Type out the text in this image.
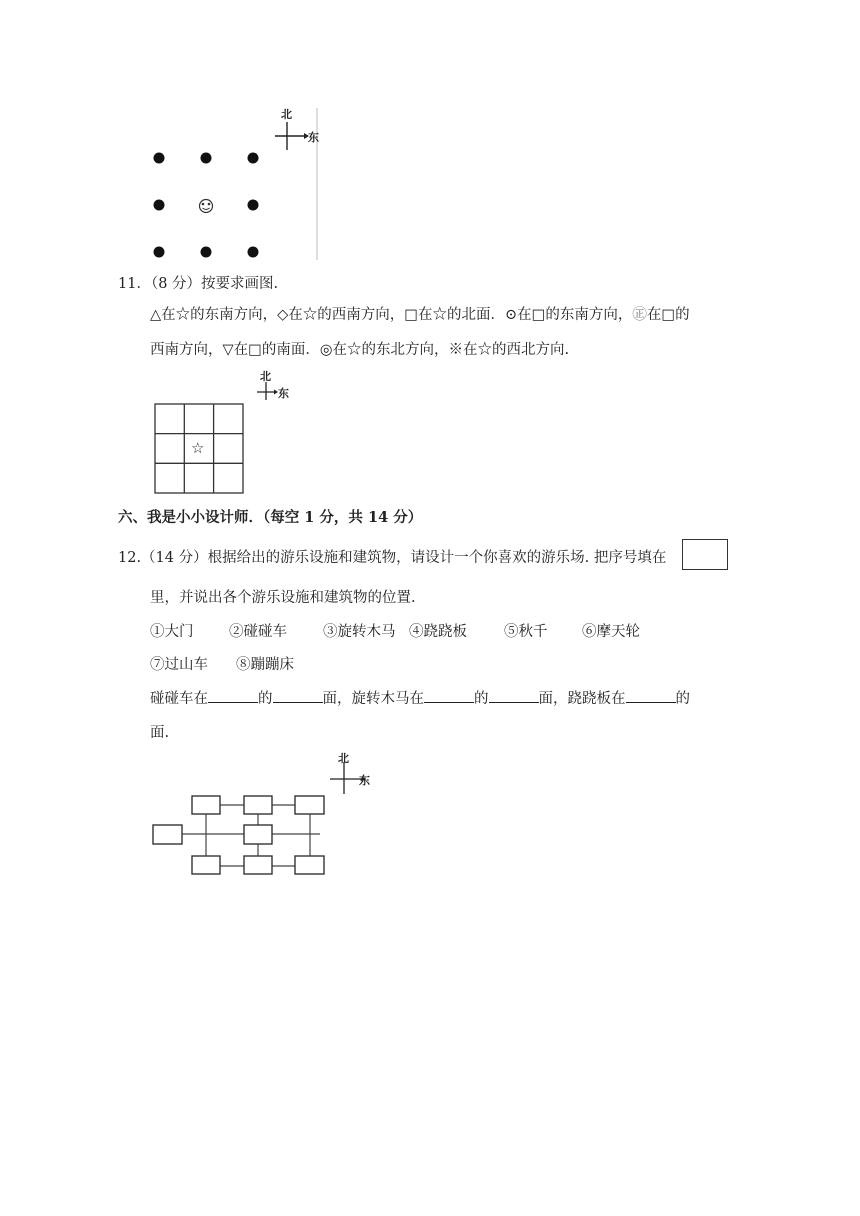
北
东
11．（8 分）按要求画图.
△在☆的东南方向，◇在☆的西南方向，□在☆的北面．⊙在□的东南方向，㊣在□的
西南方向，▽在□的南面．◎在☆的东北方向，※在☆的西北方向.
北
东
☆
六、我是小小设计师．（每空 1 分，共 14 分）
12.（14 分）根据给出的游乐设施和建筑物，请设计一个你喜欢的游乐场. 把序号填在
里，并说出各个游乐设施和建筑物的位置.
①大门 ②碰碰车 ③旋转木马 ④跷跷板	⑤秋千 ⑥摩天轮
⑦过山车 ⑧蹦蹦床
碰碰车在	的	面，旋转木马在	的	面，跷跷板在	的
面.
北
东
